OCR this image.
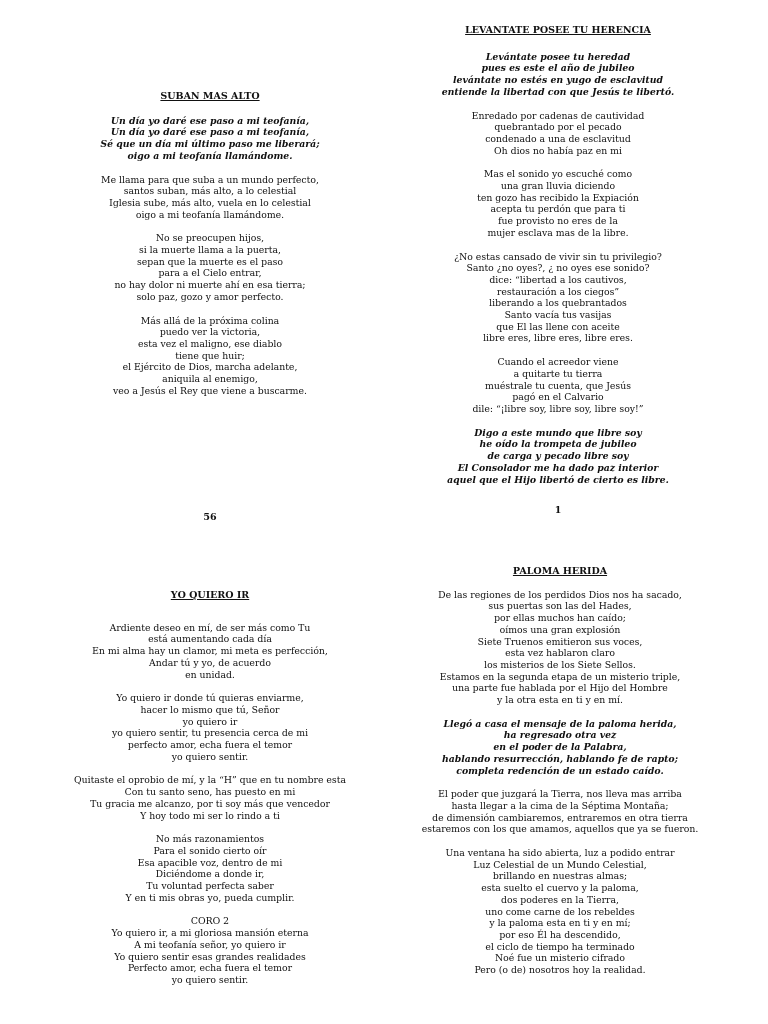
SUBAN MAS ALTO

Un día yo daré ese paso a mi teofanía,
Un día yo daré ese paso a mi teofanía,
Sé que un día mi último paso me liberará;
oigo a mi teofanía llamándome.

Me llama para que suba a un mundo perfecto,
santos suban, más alto, a lo celestial
Iglesia sube, más alto, vuela en lo celestial
oigo a mi teofanía llamándome.

No se preocupen hijos,
si la muerte llama a la puerta,
sepan que la muerte es el paso
para a el Cielo entrar,
no hay dolor ni muerte ahí en esa tierra;
solo paz, gozo y amor perfecto.

Más allá de la próxima colina
puedo ver la victoria,
esta vez el maligno, ese diablo
tiene que huir;
el Ejército de Dios, marcha adelante,
aniquila al enemigo,
veo a Jesús el Rey que viene a buscarme.

56

LEVANTATE POSEE TU HERENCIA

Levántate posee tu heredad
pues es este el año de jubileo
levántate no estés en yugo de esclavitud
entiende la libertad con que Jesús te libertó.

Enredado por cadenas de cautividad
quebrantado por el pecado
condenado a una de esclavitud
Oh dios no había paz en mi

Mas el sonido yo escuché como
una gran lluvia diciendo
ten gozo has recibido la Expiación
acepta tu perdón que para ti
fue provisto no eres de la
mujer esclava mas de la libre.

¿No estas cansado de vivir sin tu privilegio?
Santo ¿no oyes?, ¿ no oyes ese sonido?
dice: “libertad a los cautivos,
restauración a los ciegos”
liberando a los quebrantados
Santo vacía tus vasijas
que El las llene con aceite
libre eres, libre eres, libre eres.

Cuando el acreedor viene
a quitarte tu tierra
muéstrale tu cuenta, que Jesús
pagó en el Calvario
dile: “¡libre soy, libre soy, libre soy!”

Digo a este mundo que libre soy
he oído la trompeta de jubileo
de carga y pecado libre soy
El Consolador me ha dado paz interior
aquel que el Hijo libertó de cierto es libre.

1

YO QUIERO IR

Ardiente deseo en mí, de ser más como Tu
está aumentando cada día
En mi alma hay un clamor, mi meta es perfección,
Andar tú y yo, de acuerdo
en unidad.

Yo quiero ir donde tú quieras enviarme,
hacer lo mismo que tú, Señor
yo quiero ir
yo quiero sentir, tu presencia cerca de mi
perfecto amor, echa fuera el temor
yo quiero sentir.

Quitaste el oprobio de mí, y la “H” que en tu nombre esta
Con tu santo seno, has puesto en mi
Tu gracia me alcanzo, por ti soy más que vencedor
Y hoy todo mi ser lo rindo a ti

No más razonamientos
Para el sonido cierto oír
Esa apacible voz, dentro de mi
Diciéndome a donde ir,
Tu voluntad perfecta saber
Y en ti mis obras yo, pueda cumplir.

CORO 2
Yo quiero ir, a mi gloriosa mansión eterna
A mi teofanía señor, yo quiero ir
Yo quiero sentir esas grandes realidades
Perfecto amor, echa fuera el temor
yo quiero sentir.

PALOMA HERIDA

De las regiones de los perdidos Dios nos ha sacado,
sus puertas son las del Hades,
por ellas muchos han caído;
oímos una gran explosión
Siete Truenos emitieron sus voces,
esta vez hablaron claro
los misterios de los Siete Sellos.
Estamos en la segunda etapa de un misterio triple,
una parte fue hablada por el Hijo del Hombre
y la otra esta en ti y en mí.

Llegó a casa el mensaje de la paloma herida,
ha regresado otra vez
en el poder de la Palabra,
hablando resurrección, hablando fe de rapto;
completa redención de un estado caído.

El poder que juzgará la Tierra, nos lleva mas arriba
hasta llegar a la cima de la Séptima Montaña;
de dimensión cambiaremos, entraremos en otra tierra
estaremos con los que amamos, aquellos que ya se fueron.

Una ventana ha sido abierta, luz a podido entrar
Luz Celestial de un Mundo Celestial,
brillando en nuestras almas;
esta suelto el cuervo y la paloma,
dos poderes en la Tierra,
uno come carne de los rebeldes
y la paloma esta en ti y en mí;
por eso Él ha descendido,
el ciclo de tiempo ha terminado
Noé fue un misterio cifrado
Pero (o de) nosotros hoy la realidad.
